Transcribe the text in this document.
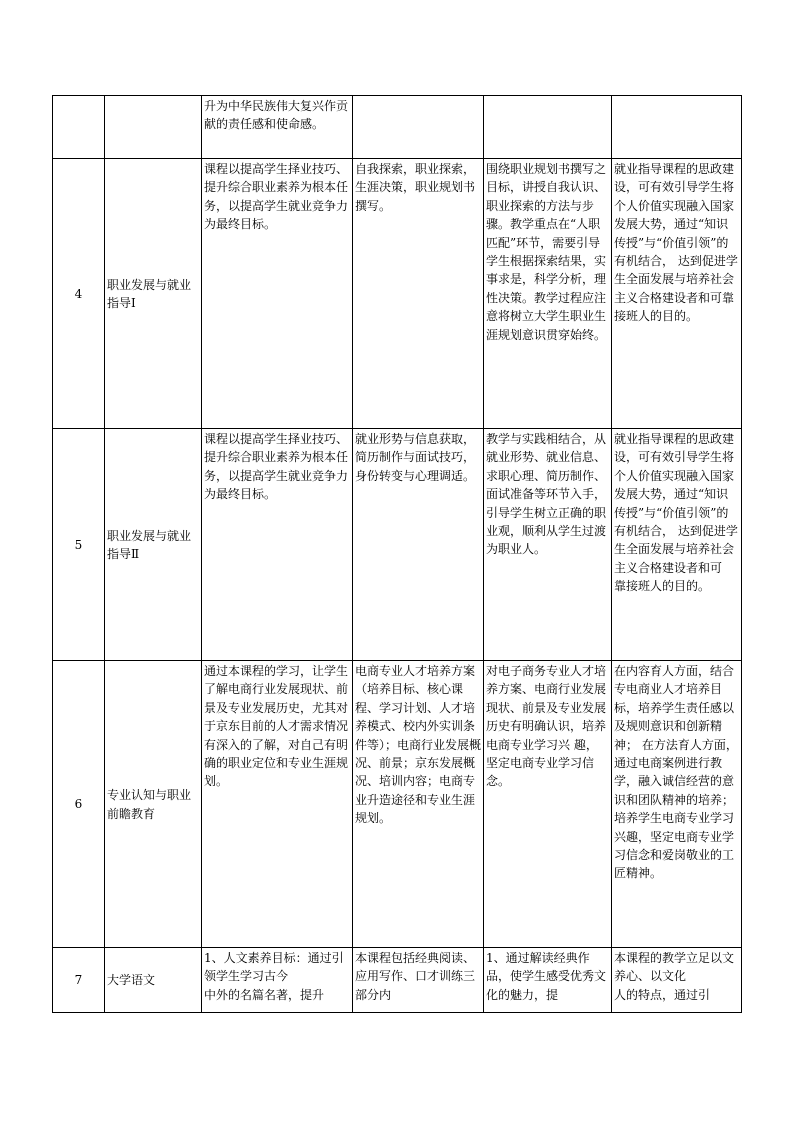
		升为中华民族伟大复兴作贡献的责任感和使命感。			
4	职业发展与就业指导Ⅰ	课程以提高学生择业技巧、提升综合职业素养为根本任务，以提高学生就业竞争力为最终目标。	自我探索，职业探索，生涯决策，职业规划书撰写。	围绕职业规划书撰写之目标，讲授自我认识、职业探索的方法与步骤。教学重点在“人职匹配”环节，需要引导学生根据探索结果，实事求是，科学分析，理性决策。教学过程应注意将树立大学生职业生涯规划意识贯穿始终。	就业指导课程的思政建设，可有效引导学生将个人价值实现融入国家发展大势，通过“知识传授”与“价值引领”的有机结合， 达到促进学生全面发展与培养社会主义合格建设者和可靠接班人的目的。
5	职业发展与就业指导Ⅱ	课程以提高学生择业技巧、提升综合职业素养为根本任务，以提高学生就业竞争力为最终目标。	就业形势与信息获取，简历制作与面试技巧，身份转变与心理调适。	教学与实践相结合，从就业形势、就业信息、求职心理、简历制作、面试准备等环节入手，引导学生树立正确的职业观，顺利从学生过渡为职业人。	就业指导课程的思政建设，可有效引导学生将个人价值实现融入国家发展大势，通过“知识传授”与“价值引领”的有机结合， 达到促进学生全面发展与培养社会主义合格建设者和可
靠接班人的目的。
6	专业认知与职业前瞻教育	通过本课程的学习，让学生了解电商行业发展现状、前景及专业发展历史，尤其对于京东目前的人才需求情况有深入的了解，对自己有明确的职业定位和专业生涯规划。	电商专业人才培养方案（培养目标、核心课程、学习计划、人才培养模式、校内外实训条件等）；电商行业发展概况、前景；京东发展概况、培训内容；电商专业升造途径和专业生涯规划。	对电子商务专业人才培养方案、电商行业发展现状、前景及专业发展历史有明确认识，培养电商专业学习兴 趣，坚定电商专业学习信念。	在内容育人方面，结合专电商业人才培养目标，培养学生责任感以及规则意识和创新精神； 在方法育人方面， 通过电商案例进行教学，融入诚信经营的意识和团队精神的培养；培养学生电商专业学习兴趣，坚定电商专业学习信念和爱岗敬业的工匠精神。
7	大学语文	1、人文素养目标：通过引领学生学习古今
中外的名篇名著，提升	本课程包括经典阅读、应用写作、口才训练三部分内	1、通过解读经典作品，使学生感受优秀文化的魅力，提	本课程的教学立足以文养心、以文化
人的特点，通过引
